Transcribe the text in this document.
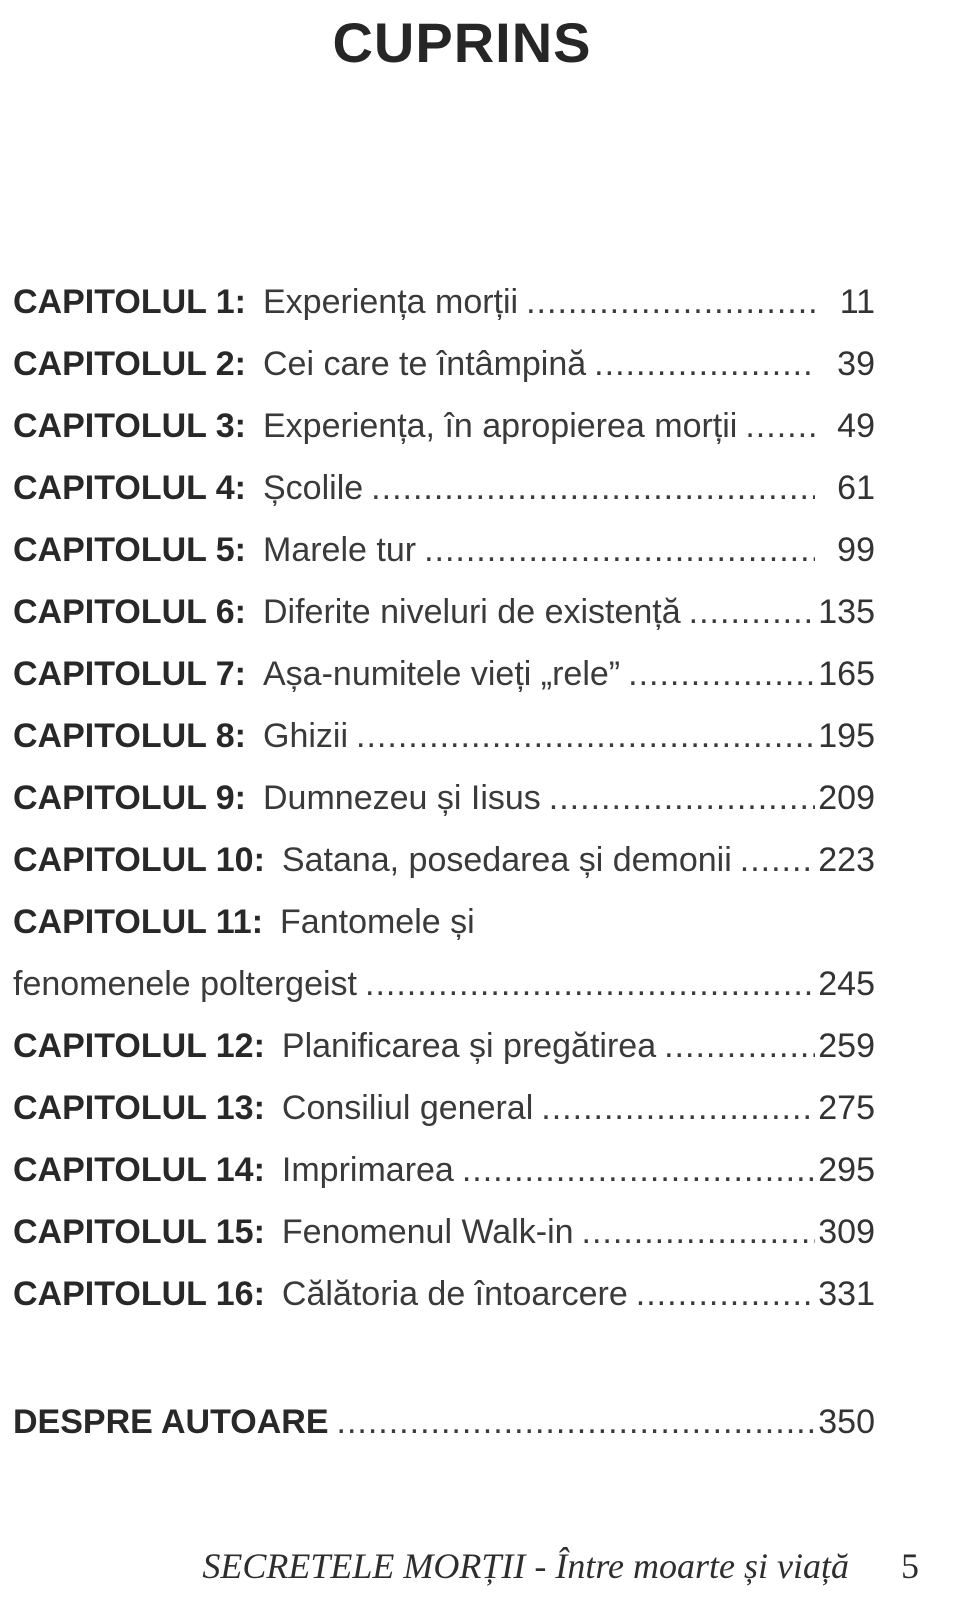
CUPRINS
CAPITOLUL 1: Experiența morții .....	11
CAPITOLUL 2: Cei care te întâmpină .....	39
CAPITOLUL 3: Experiența, în apropierea morții .....	49
CAPITOLUL 4: Școlile .....	61
CAPITOLUL 5: Marele tur .....	99
CAPITOLUL 6: Diferite niveluri de existență .....	135
CAPITOLUL 7: Așa-numitele vieți „rele” .....	165
CAPITOLUL 8: Ghizii .....	195
CAPITOLUL 9: Dumnezeu și Iisus .....	209
CAPITOLUL 10: Satana, posedarea și demonii .....	223
CAPITOLUL 11: Fantomele și
fenomenele poltergeist .....	245
CAPITOLUL 12: Planificarea și pregătirea .....	259
CAPITOLUL 13: Consiliul general .....	275
CAPITOLUL 14: Imprimarea .....	295
CAPITOLUL 15: Fenomenul Walk-in .....	309
CAPITOLUL 16: Călătoria de întoarcere .....	331
DESPRE AUTOARE .....	350
SECRETELE MORȚII - Între moarte și viață 5
